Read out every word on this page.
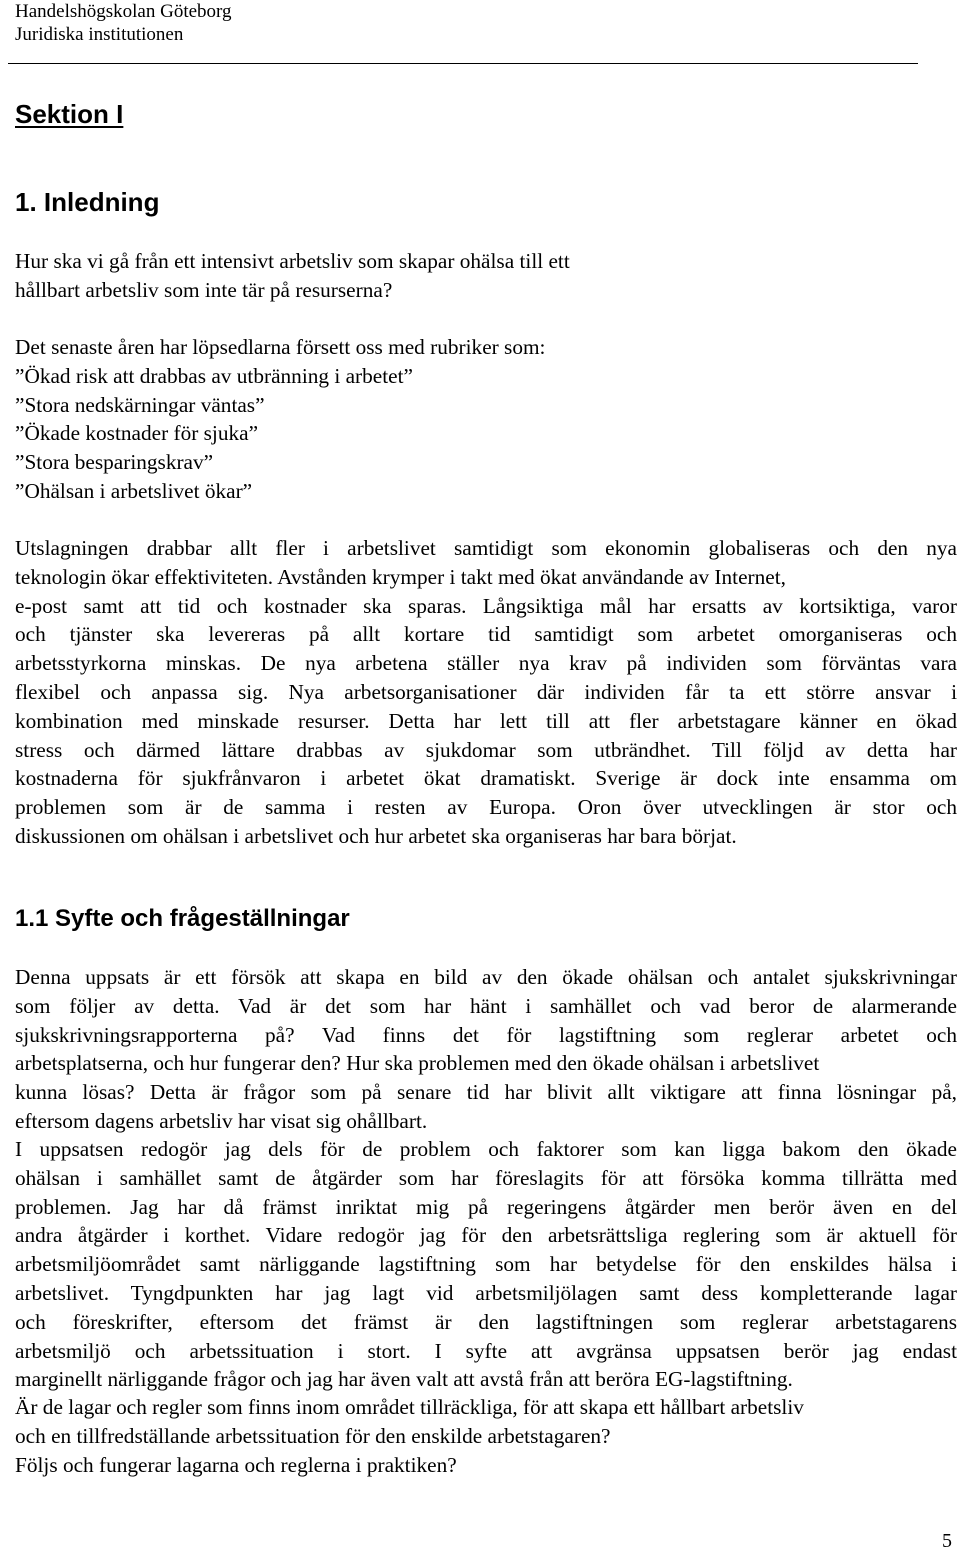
Handelshögskolan Göteborg
Juridiska institutionen
Sektion I
1. Inledning
Hur ska vi gå från ett intensivt arbetsliv som skapar ohälsa till ett
hållbart arbetsliv som inte tär på resurserna?
Det senaste åren har löpsedlarna försett oss med rubriker som:
”Ökad risk att drabbas av utbränning i arbetet”
”Stora nedskärningar väntas”
”Ökade kostnader för sjuka”
”Stora besparingskrav”
”Ohälsan i arbetslivet ökar”
Utslagningen drabbar allt fler i arbetslivet samtidigt som ekonomin globaliseras och den nya
teknologin ökar effektiviteten. Avstånden krymper i takt med ökat användande av Internet,
e-post samt att tid och kostnader ska sparas. Långsiktiga mål har ersatts av kortsiktiga, varor
och tjänster ska levereras på allt kortare tid samtidigt som arbetet omorganiseras och
arbetsstyrkorna minskas. De nya arbetena ställer nya krav på individen som förväntas vara
flexibel och anpassa sig. Nya arbetsorganisationer där individen får ta ett större ansvar i
kombination med minskade resurser. Detta har lett till att fler arbetstagare känner en ökad
stress och därmed lättare drabbas av sjukdomar som utbrändhet. Till följd av detta har
kostnaderna för sjukfrånvaron i arbetet ökat dramatiskt. Sverige är dock inte ensamma om
problemen som är de samma i resten av Europa. Oron över utvecklingen är stor och
diskussionen om ohälsan i arbetslivet och hur arbetet ska organiseras har bara börjat.
1.1 Syfte och frågeställningar
Denna uppsats är ett försök att skapa en bild av den ökade ohälsan och antalet sjukskrivningar
som följer av detta. Vad är det som har hänt i samhället och vad beror de alarmerande
sjukskrivningsrapporterna på? Vad finns det för lagstiftning som reglerar arbetet och
arbetsplatserna, och hur fungerar den? Hur ska problemen med den ökade ohälsan i arbetslivet
kunna lösas? Detta är frågor som på senare tid har blivit allt viktigare att finna lösningar på,
eftersom dagens arbetsliv har visat sig ohållbart.
I uppsatsen redogör jag dels för de problem och faktorer som kan ligga bakom den ökade
ohälsan i samhället samt de åtgärder som har föreslagits för att försöka komma tillrätta med
problemen. Jag har då främst inriktat mig på regeringens åtgärder men berör även en del
andra åtgärder i korthet. Vidare redogör jag för den arbetsrättsliga reglering som är aktuell för
arbetsmiljöområdet samt närliggande lagstiftning som har betydelse för den enskildes hälsa i
arbetslivet. Tyngdpunkten har jag lagt vid arbetsmiljölagen samt dess kompletterande lagar
och föreskrifter, eftersom det främst är den lagstiftningen som reglerar arbetstagarens
arbetsmiljö och arbetssituation i stort. I syfte att avgränsa uppsatsen berör jag endast
marginellt närliggande frågor och jag har även valt att avstå från att beröra EG-lagstiftning.
Är de lagar och regler som finns inom området tillräckliga, för att skapa ett hållbart arbetsliv
och en tillfredställande arbetssituation för den enskilde arbetstagaren?
Följs och fungerar lagarna och reglerna i praktiken?
5
